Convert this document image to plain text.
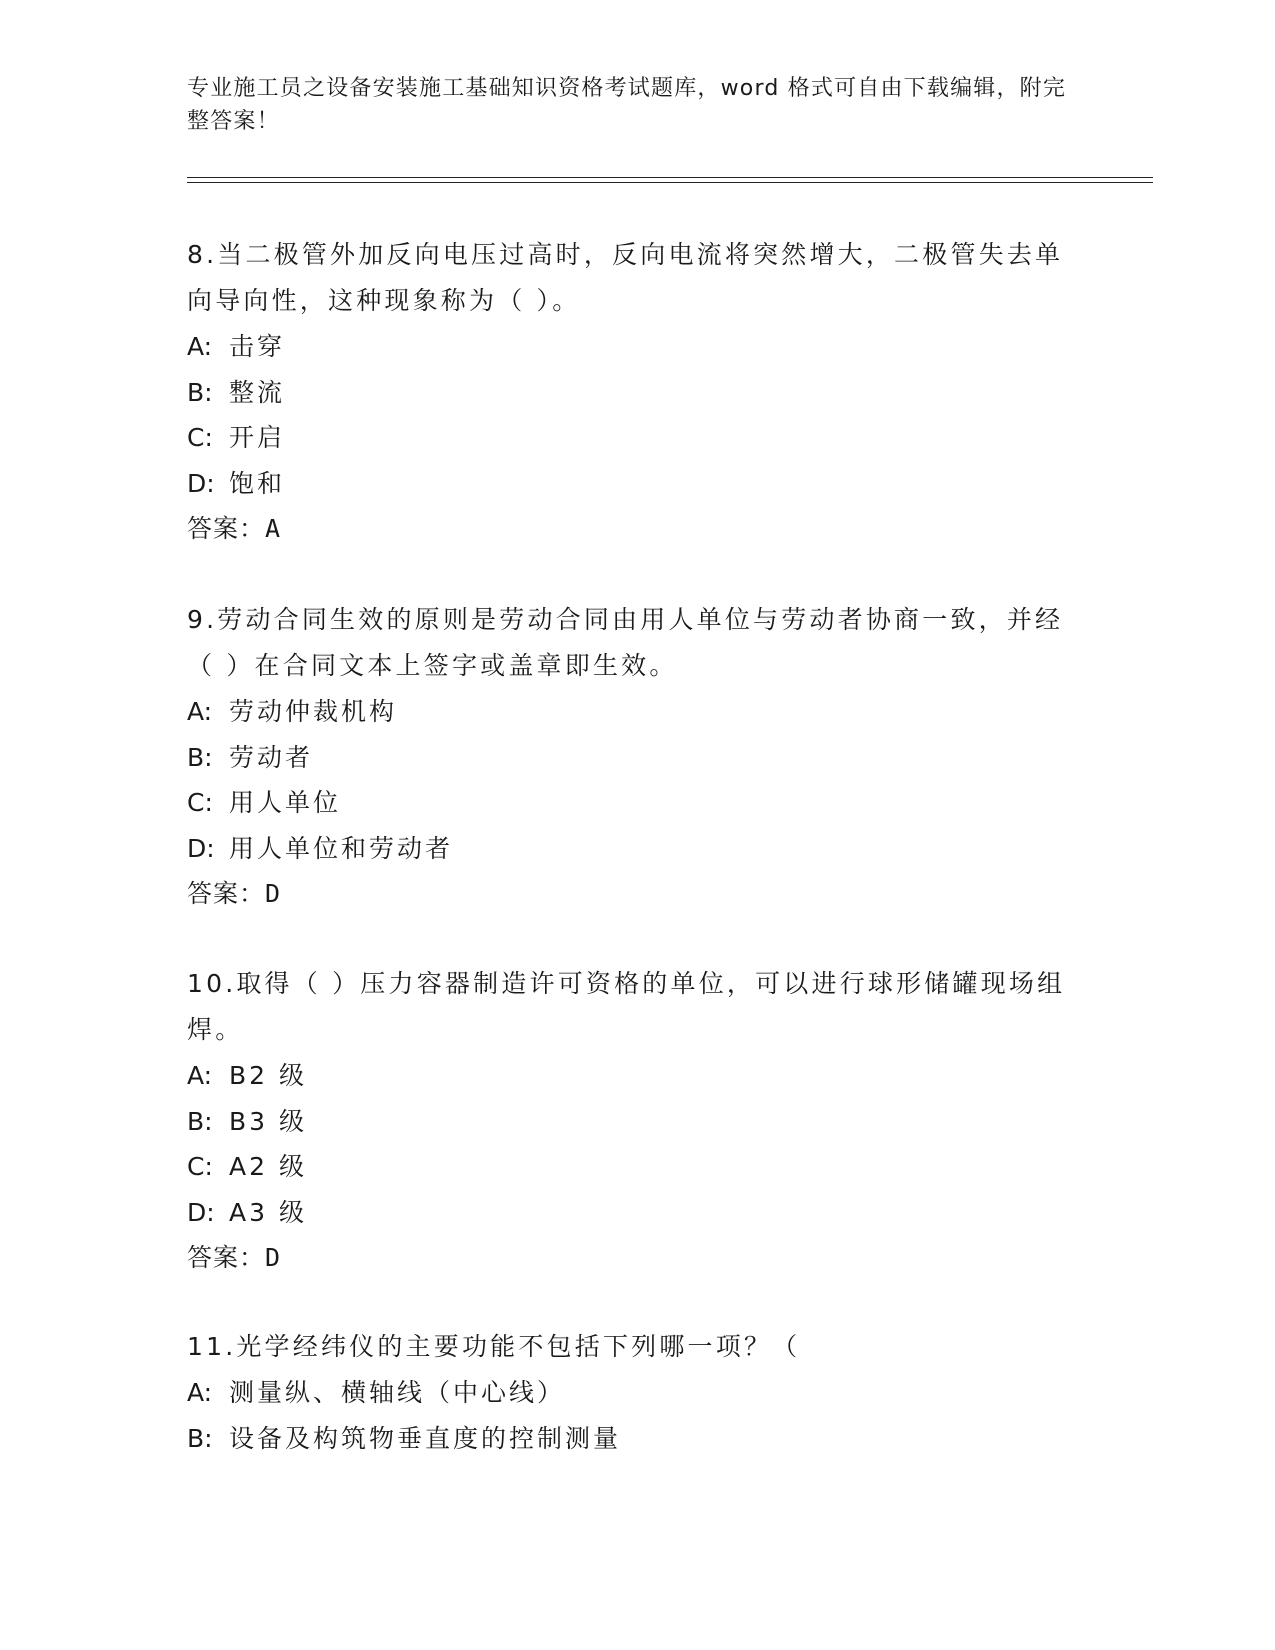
专业施工员之设备安装施工基础知识资格考试题库，word 格式可自由下载编辑，附完整答案！

8.当二极管外加反向电压过高时，反向电流将突然增大，二极管失去单向导向性，这种现象称为（ ）。

A: 击穿

B: 整流

C: 开启

D: 饱和

答案：A

9.劳动合同生效的原则是劳动合同由用人单位与劳动者协商一致，并经（ ）在合同文本上签字或盖章即生效。

A: 劳动仲裁机构

B: 劳动者

C: 用人单位

D: 用人单位和劳动者

答案：D

10.取得（ ）压力容器制造许可资格的单位，可以进行球形储罐现场组焊。

A: B2 级

B: B3 级

C: A2 级

D: A3 级

答案：D

11.光学经纬仪的主要功能不包括下列哪一项？（

A: 测量纵、横轴线（中心线）

B: 设备及构筑物垂直度的控制测量
